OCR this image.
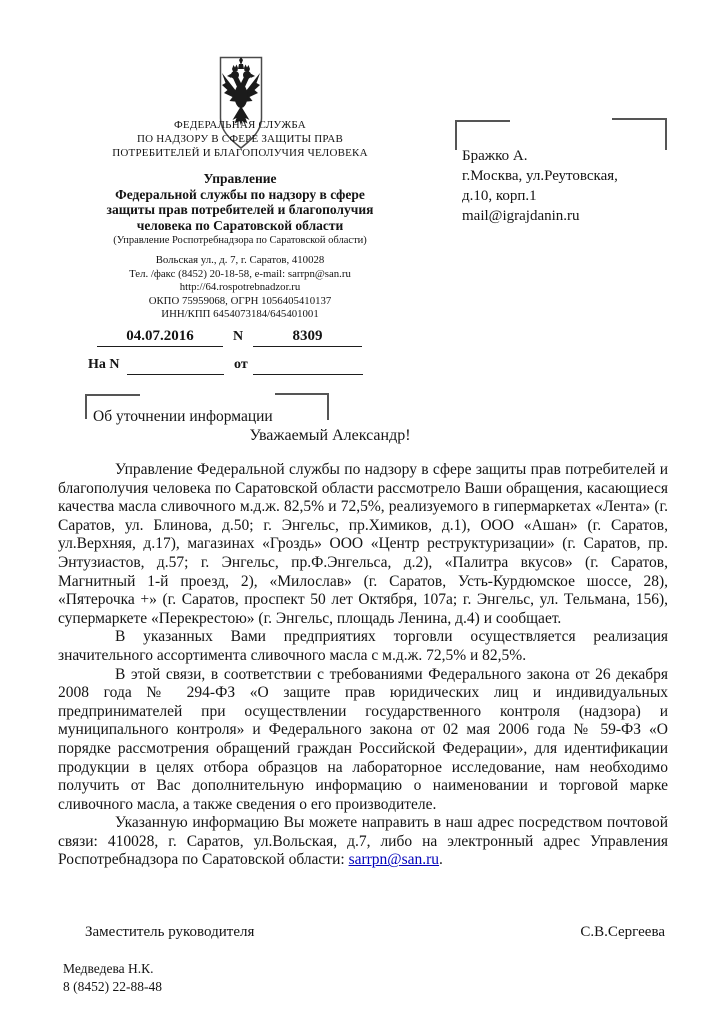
ФЕДЕРАЛЬНАЯ СЛУЖБА
ПО НАДЗОРУ В СФЕРЕ ЗАЩИТЫ ПРАВ
ПОТРЕБИТЕЛЕЙ И БЛАГОПОЛУЧИЯ ЧЕЛОВЕКА
Управление
Федеральной службы по надзору в сфере
защиты прав потребителей и благополучия
человека по Саратовской области
(Управление Роспотребнадзора по Саратовской области)
Вольская ул., д. 7, г. Саратов, 410028
Тел. /факс (8452) 20-18-58, e-mail: sarrpn@san.ru
http://64.rospotrebnadzor.ru
ОКПО 75959068, ОГРН 1056405410137
ИНН/КПП 6454073184/645401001
04.07.2016	N	8309
На N	от
Бражко А.
г.Москва, ул.Реутовская,
д.10, корп.1
mail@igrajdanin.ru
Об уточнении информации
Уважаемый Александр!

Управление Федеральной службы по надзору в сфере защиты прав потребителей и благополучия человека по Саратовской области рассмотрело Ваши обращения, касающиеся качества масла сливочного м.д.ж. 82,5% и 72,5%, реализуемого в гипермаркетах «Лента» (г. Саратов, ул. Блинова, д.50; г. Энгельс, пр.Химиков, д.1), ООО «Ашан» (г. Саратов, ул.Верхняя, д.17), магазинах «Гроздь» ООО «Центр реструктуризации» (г. Саратов, пр. Энтузиастов, д.57; г. Энгельс, пр.Ф.Энгельса, д.2), «Палитра вкусов» (г. Саратов, Магнитный 1-й проезд, 2), «Милослав» (г. Саратов, Усть-Курдюмское шоссе, 28), «Пятерочка +» (г. Саратов, проспект 50 лет Октября, 107а; г. Энгельс, ул. Тельмана, 156), супермаркете «Перекрестою» (г. Энгельс, площадь Ленина, д.4) и сообщает.

В указанных Вами предприятиях торговли осуществляется реализация значительного ассортимента сливочного масла с м.д.ж. 72,5% и 82,5%.

В этой связи, в соответствии с требованиями Федерального закона от 26 декабря 2008 года № 294-ФЗ «О защите прав юридических лиц и индивидуальных предпринимателей при осуществлении государственного контроля (надзора) и муниципального контроля» и Федерального закона от 02 мая 2006 года № 59-ФЗ «О порядке рассмотрения обращений граждан Российской Федерации», для идентификации продукции в целях отбора образцов на лабораторное исследование, нам необходимо получить от Вас дополнительную информацию о наименовании и торговой марке сливочного масла, а также сведения о его производителе.

Указанную информацию Вы можете направить в наш адрес посредством почтовой связи: 410028, г. Саратов, ул.Вольская, д.7, либо на электронный адрес Управления Роспотребнадзора по Саратовской области: sarrpn@san.ru.

Заместитель руководителя	С.В.Сергеева
Медведева Н.К.
8 (8452) 22-88-48
